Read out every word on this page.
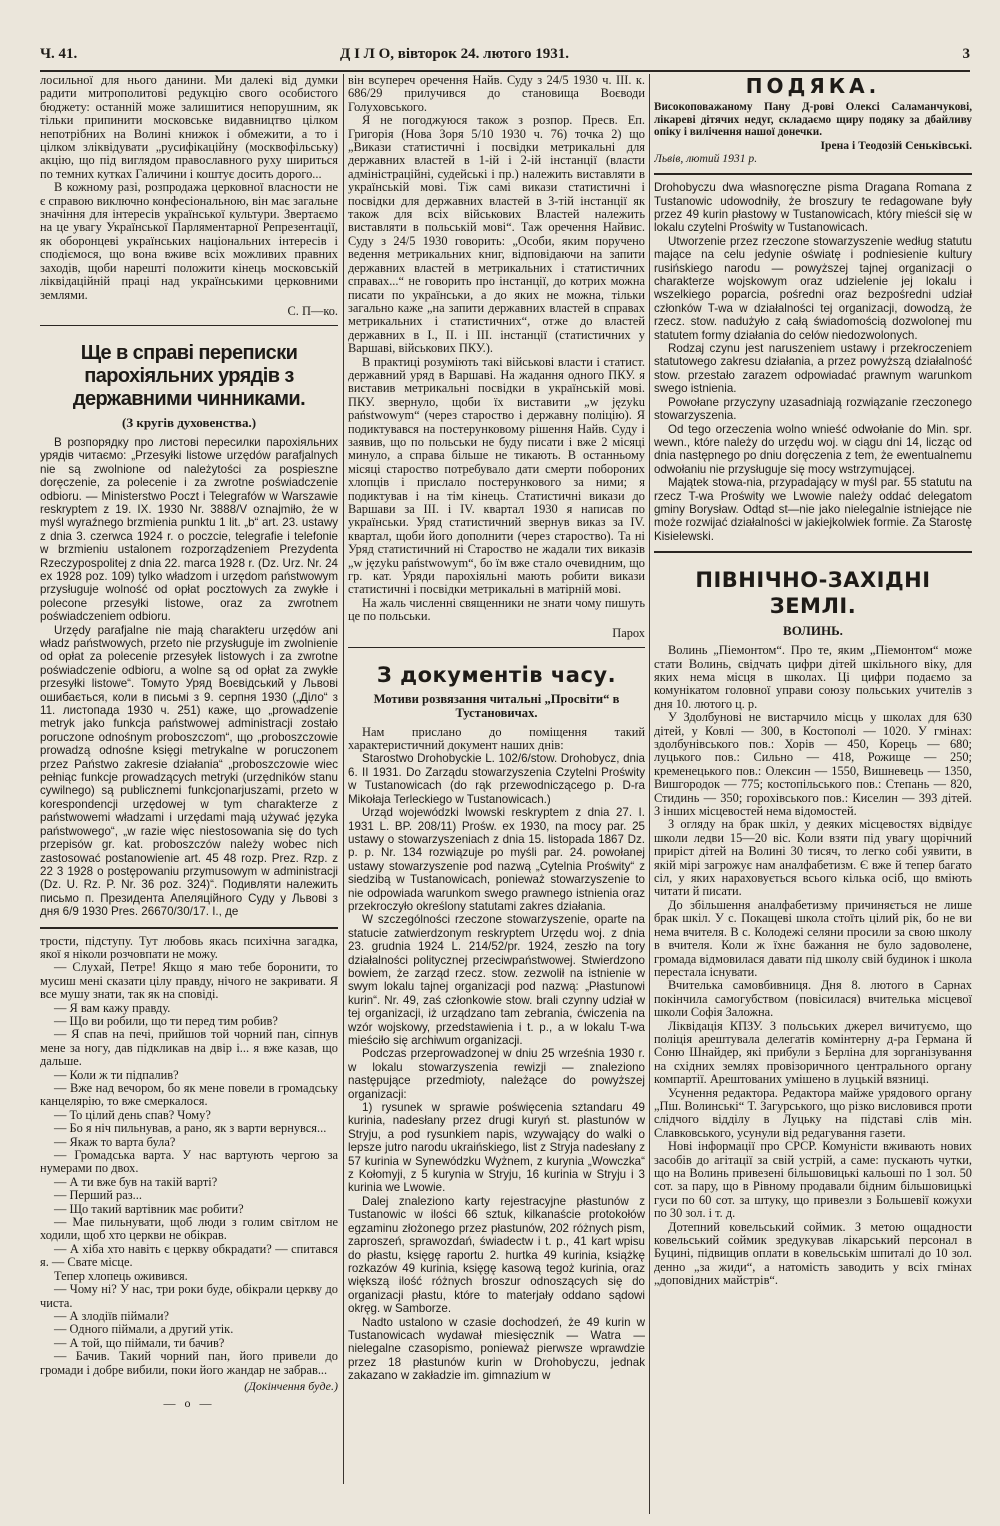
Ч. 41.	Д І Л О, вівторок 24. лютого 1931.	3

лосильної для нього данини. Ми далекі від думки радити митрополитові редукцію свого особистого бюджету: останній може залишитися непорушним, як тільки припинити московське видавництво цілком непотрібних на Волині книжок і обмежити, а то і цілком зліквідувати „русифікаційну (москвофільську) акцію, що під виглядом православного руху шириться по темних кутках Галичини і коштує досить дорого...

В кожному разі, розпродажа церковної власности не є справою виключно конфесіональною, він має загальне значіння для інтересів української культури. Звертаємо на це увагу Української Парляментарної Репрезентації, як оборонцеві українських національних інтересів і сподіємося, що вона вживе всіх можливих правних заходів, щоби нарешті положити кінець московській ліквідаційній праці над українськими церковними землями.

С. П—ко.
Ще в справі переписки парохіяльних урядів з державними чинниками.
(З кругів духовенства.)

В розпорядку про листові пересилки парохіяльних урядів читаємо: „Przesyłki listowe urzędów parafjalnych nie są zwolnione od należytości za pospieszne doręczenie, za polecenie i za zwrotne poświadczenie odbioru. — Ministerstwo Poczt i Telegrafów w Warszawie reskryptem z 19. IX. 1930 Nr. 3888/V oznajmiło, że w myśl wyraźnego brzmienia punktu 1 lit. „b“ art. 23. ustawy z dnia 3. czerwca 1924 r. o poczcie, telegrafie i telefonie w brzmieniu ustalonem rozporządzeniem Prezydenta Rzeczypospolitej z dnia 22. marca 1928 r. (Dz. Urz. Nr. 24 ex 1928 poz. 109) tylko władzom i urzędom państwowym przysługuje wolność od opłat pocztowych za zwykłe i polecone przesyłki listowe, oraz za zwrotnem poświadczeniem odbioru.

Urzędy parafjalne nie mają charakteru urzędów ani władz państwowych, przeto nie przysługuje im zwolnienie od opłat za polecenie przesyłek listowych i za zwrotne poświadczenie odbioru, a wolne są od opłat za zwykłe przesyłki listowe“. Томуто Уряд Воєвідський у Львові ошибається, коли в письмі з 9. серпня 1930 („Діло“ з 11. листопада 1930 ч. 251) каже, що „prowadzenie metryk jako funkcja państwowej administracji zostało poruczone odnośnym proboszczom“, що „proboszczowie prowadzą odnośne księgi metrykalne w poruczonem przez Państwo zakresie działania“ „proboszczowie wiec pełniąc funkcje prowadzących metryki (urzędników stanu cywilnego) są publicznemi funkcjonarjuszami, przeto w korespondencji urzędowej w tym charakterze z państwowemi władzami i urzędami mają używać języka państwowego“, „w razie więc niestosowania się do tych przepisów gr. kat. proboszczów należy wobec nich zastosować postanowienie art. 45 48 rozp. Prez. Rzp. z 22 3 1928 o postępowaniu przymusowym w administracji (Dz. U. Rz. P. Nr. 36 poz. 324)“. Подивляти належить письмо п. Президента Апеляційного Суду у Львові з дня 6/9 1930 Pres. 26670/30/17. I., де

трости, підступу. Тут любовь якась психічна загадка, якої я ніколи розчовпати не можу.

— Слухай, Петре! Якщо я маю тебе боронити, то мусиш мені сказати цілу правду, нічого не закривати. Я все мушу знати, так як на сповіді.

— Я вам кажу правду.

— Що ви робили, що ти перед тим робив?

— Я спав на печі, прийшов той чорний пан, сіпнув мене за ногу, дав підкликав на двір і... я вже казав, що дальше.

— Коли ж ти підпалив?

— Вже над вечором, бо як мене повели в громадську канцелярію, то вже смеркалося.

— То цілий день спав? Чому?

— Бо я ніч пильнував, а рано, як з варти вернувся...

— Якаж то варта була?

— Громадська варта. У нас вартують чергою за нумерами по двох.

— А ти вже був на такій варті?

— Перший раз...

— Що такий вартівник має робити?

— Мае пильнувати, щоб люди з голим світлом не ходили, щоб хто церкви не обікрав.

— А хіба хто навіть є церкву обкрадати? — спитався я. — Свате місце.

Тепер хлопець оживився.

— Чому ні? У нас, три роки буде, обікрали церкву до чиста.

— А злодіїв піймали?

— Одного піймали, а другий утік.

— А той, що піймали, ти бачив?

— Бачив. Такий чорний пан, його привели до громади і добре вибили, поки його жандар не забрав...

(Докінчення буде.)
— о —

він всупереч оречення Найв. Суду з 24/5 1930 ч. III. к. 686/29 прилучився до становища Воєводи Голуховського.

Я не погоджуюся також з розпор. Пресв. Еп. Григорія (Нова Зоря 5/10 1930 ч. 76) точка 2) що „Викази статистичні і посвідки метрикальні для державних властей в 1-ій і 2-ій інстанції (власти адміністраційні, судейські і пр.) належить виставляти в українській мові. Тіж самі викази статистичні і посвідки для державних властей в 3-тій інстанції як також для всіх військових Властей належить виставляти в польській мові“. Таж оречення Найвис. Суду з 24/5 1930 говорить: „Особи, яким поручено ведення метрикальних книг, відповідаючи на запити державних властей в метрикальних і статистичних справах...“ не говорить про інстанції, до котрих можна писати по українськи, а до яких не можна, тільки загально каже „на запити державних властей в справах метрикальних і статистичних“, отже до властей державних в I., II. і III. інстанції (статистичних у Варшаві, військових ПКУ.).

В практиці розуміють такі військові власти і статист. державний уряд в Варшаві. На жадання одного ПКУ. я виставив метрикальні посвідки в українській мові. ПКУ. звернуло, щоби їх виставити „w języku państwowym“ (через староство і державну поліцію). Я подиктувався на постерунковому рішення Найв. Суду і заявив, що по польськи не буду писати і вже 2 місяці минуло, а справа більше не тикають. В останньому місяці староство потребувало дати смерти побороних хлопців і прислало постерункового за ними; я подиктував і на тім кінець. Статистичні викази до Варшави за III. і IV. квартал 1930 я написав по українськи. Уряд статистичний звернув виказ за IV. квартал, щоби його дополнити (через староство). Та ні Уряд статистичний ні Староство не жадали тих виказів „w języku państwowym“, бо їм вже стало очевидним, що гр. кат. Уряди парохіяльні мають робити викази статистичні і посвідки метрикальні в матірній мові.

На жаль численні священники не знати чому пишуть це по польськи.

Парох
З документів часу.
Мотиви розвязання читальні „Просвіти“ в Тустановичах.

Нам прислано до поміщення такий характеристичний документ наших днів:

Starostwo Drohobyckie L. 102/6/stow. Drohobycz, dnia 6. II 1931. Do Zarządu stowarzyszenia Czytelni Proświty w Tustanowicach (do rąk przewodniczącego p. D-ra Mikołaja Terleckiego w Tustanowicach.)

Urząd wojewódzki lwowski reskryptem z dnia 27. I. 1931 L. BP. 208/11) Prośw. ex 1930, na mocy par. 25 ustawy o stowarzyszeniach z dnia 15. listopada 1867 Dz. p. p. Nr. 134 rozwiązuje po myśli par. 24. powołanej ustawy stowarzyszenie pod nazwą „Cytelnia Proświty“ z siedzibą w Tustanowicach, ponieważ stowarzyszenie to nie odpowiada warunkom swego prawnego istnienia oraz przekroczyło określony statutami zakres działania.

W szczególności rzeczone stowarzyszenie, oparte na statucie zatwierdzonym reskryptem Urzędu woj. z dnia 23. grudnia 1924 L. 214/52/pr. 1924, zeszło na tory działalności politycznej przeciwpaństwowej. Stwierdzono bowiem, że zarząd rzecz. stow. zezwolił na istnienie w swym lokalu tajnej organizacji pod nazwą: „Płastunowi kurin“. Nr. 49, zaś członkowie stow. brali czynny udział w tej organizacji, iż urządzano tam zebrania, ćwiczenia na wzór wojskowy, przedstawienia i t. p., a w lokalu T-wa mieściło się archiwum organizacji.

Podczas przeprowadzonej w dniu 25 września 1930 r. w lokalu stowarzyszenia rewizji — znaleziono następujące przedmioty, należące do powyższej organizacji:

1) rysunek w sprawie poświęcenia sztandaru 49 kurinia, nadesłany przez drugi kuryń st. plastunów w Stryju, a pod rysunkiem napis, wzywający do walki o lepsze jutro narodu ukraińskiego, list z Stryja nadesłany z 57 kurinia w Synewódzku Wyżnem, z kurynia „Wowczka“ z Kołomyji, z 5 kurynia w Stryju, 16 kurinia w Stryju i 3 kurinia we Lwowie.

Dalej znaleziono karty rejestracyjne płastunów z Tustanowic w ilości 66 sztuk, kilkanaście protokołów egzaminu złożonego przez płastunów, 202 różnych pism, zaproszeń, sprawozdań, świadectw i t. p., 41 kart wpisu do płastu, księgę raportu 2. hurtka 49 kurinia, książkę rozkazów 49 kurinia, księgę kasową tegoż kurinia, oraz większą ilość różnych broszur odnoszących się do organizacji płastu, które to materjały oddano sądowi okręg. w Samborze.

Nadto ustalono w czasie dochodzeń, że 49 kurin w Tustanowicach wydawał miesięcznik — Watra — nielegalne czasopismo, ponieważ pierwsze wprawdzie przez 18 płastunów kurin w Drohobyczu, jednak zakazano w zakładzie im. gimnazium w

ПОДЯКА.

Високоповажаному Пану Д-рові Олексі Саламанчукові, лікареві дітячих недуг, складаємо щиру подяку за дбайливу опіку і вилічення нашої донечки.

Ірена і Теодозій Сеньківські.

Львів, лютий 1931 р.

Drohobyczu dwa własnoręczne pisma Dragana Romana z Tustanowic udowodniły, że broszury te redagowane były przez 49 kurin płastowy w Tustanowicach, który mieścił się w lokalu czytelni Proświty w Tustanowicach.

Utworzenie przez rzeczone stowarzyszenie według statutu mające na celu jedynie oświatę i podniesienie kultury rusińskiego narodu — powyższej tajnej organizacji o charakterze wojskowym oraz udzielenie jej lokalu i wszelkiego poparcia, pośredni oraz bezpośredni udział członków T-wa w działalności tej organizacji, dowodzą, że rzecz. stow. nadużyło z całą świadomością dozwolonej mu statutem formy działania do celów niedozwolonych.

Rodzaj czynu jest naruszeniem ustawy i przekroczeniem statutowego zakresu działania, a przez powyższą działalność stow. przestało zarazem odpowiadać prawnym warunkom swego istnienia.

Powołane przyczyny uzasadniają rozwiązanie rzeczonego stowarzyszenia.

Od tego orzeczenia wolno wnieść odwołanie do Min. spr. wewn., które należy do urzędu woj. w ciągu dni 14, licząc od dnia następnego po dniu doręczenia z tem, że ewentualnemu odwołaniu nie przysługuje się mocy wstrzymującej.

Majątek stowa-nia, przypadający w myśl par. 55 statutu na rzecz T-wa Proświty we Lwowie należy oddać delegatom gminy Borysław. Odtąd st—nie jako nielegalnie istniejące nie może rozwijać działalności w jakiejkolwiek formie. Za Starostę Kisielewski.

ПІВНІЧНО-ЗАХІДНІ ЗЕМЛІ.
ВОЛИНЬ.

Волинь „Піемонтом“. Про те, яким „Піемонтом“ може стати Волинь, свідчать цифри дітей шкільного віку, для яких нема місця в школах. Ці цифри подаємо за комунікатом головної управи союзу польських учителів з дня 10. лютого ц. р.

У Здолбунові не вистарчило місць у школах для 630 дітей, у Ковлі — 300, в Костополі — 1020. У гмінах: здолбунівського пов.: Хорів — 450, Корець — 680; луцького пов.: Сильно — 418, Рожище — 250; кременецького пов.: Олексин — 1550, Вишневець — 1350, Вишгородок — 775; костопільського пов.: Степань — 820, Стидинь — 350; горохівського пов.: Киселин — 393 дітей. З інших місцевостей нема відомостей.

З огляду на брак шкіл, у деяких місцевостях відвідує школи ледви 15—20 віс. Коли взяти під увагу щорічний приріст дітей на Волині 30 тисяч, то легко собі уявити, в якій мірі загрожує нам аналфабетизм. Є вже й тепер багато сіл, у яких нараховується всього кілька осіб, що вміють читати й писати.

До збільшення аналфабетизму причиняється не лише брак шкіл. У с. Покащеві школа стоїть цілий рік, бо не ви нема вчителя. В с. Колодежі селяни просили за свою школу в вчителя. Коли ж їхнє бажання не було задоволене, громада відмовилася давати під школу свій будинок і школа перестала існувати.

Вчителька самовбивниця. Дня 8. лютого в Сарнах покінчила самогубством (повісилася) вчителька місцевої школи Софія Заложна.

Ліквідація КПЗУ. З польських джерел вичитуємо, що поліція арештувала делегатів комінтерну д-ра Германа й Соню Шнайдер, які прибули з Берліна для зорганізування на східних землях провізоричного центрального органу компартії. Арештованих умішено в луцькій вязниці.

Усунення редактора. Редактора майже урядового органу „Пш. Волинські“ Т. Загурського, що різко висловився проти слідчого відділу в Луцьку на підставі слів мін. Славковського, усунули від редагування газети.

Нові інформації про СРСР. Комуністи вживають нових засобів до агітації за свій устрій, а саме: пускають чутки, що на Волинь привезені більшовицькі кальоші по 1 зол. 50 сот. за пару, що в Рівному продавали бідним більшовицькі гуси по 60 сот. за штуку, що привезли з Большевії кожухи по 30 зол. і т. д.

Дотепний ковельський соймик. З метою ощадности ковельський соймик зредукував лікарський персонал в Буцині, підвищив оплати в ковельськім шпиталі до 10 зол. денно „за жиди“, а натомість заводить у всіх гмінах „доповідних майстрів“.
